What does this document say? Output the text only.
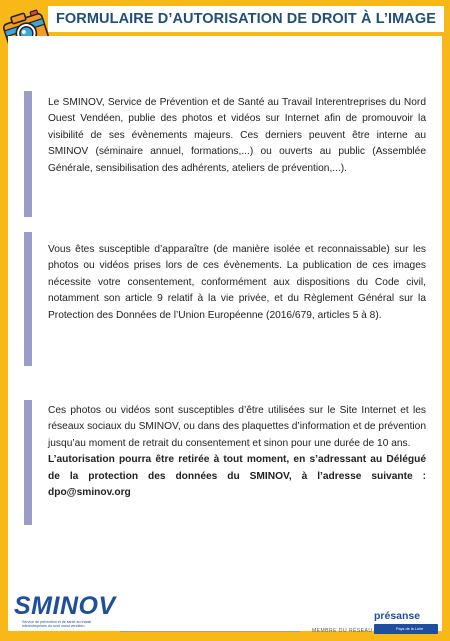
FORMULAIRE D’AUTORISATION DE DROIT À L’IMAGE

Le SMINOV, Service de Prévention et de Santé au Travail Interentreprises du Nord Ouest Vendéen, publie des photos et vidéos sur Internet afin de promouvoir la visibilité de ses évènements majeurs. Ces derniers peuvent être interne au SMINOV (séminaire annuel, formations,...) ou ouverts au public (Assemblée Générale, sensibilisation des adhérents, ateliers de prévention,...).

Vous êtes susceptible d’apparaître (de manière isolée et reconnaissable) sur les photos ou vidéos prises lors de ces évènements. La publication de ces images nécessite votre consentement, conformément aux dispositions du Code civil, notamment son article 9 relatif à la vie privée, et du Règlement Général sur la Protection des Données de l’Union Européenne (2016/679, articles 5 à 8).

Ces photos ou vidéos sont susceptibles d’être utilisées sur le Site Internet et les réseaux sociaux du SMINOV, ou dans des plaquettes d’information et de prévention jusqu’au moment de retrait du consentement et sinon pour une durée de 10 ans.

L’autorisation pourra être retirée à tout moment, en s’adressant au Délégué de la protection des données du SMINOV, à l’adresse suivante : dpo@sminov.org

SMINOV
Service de prévention et de santé au travail interentreprises du nord ouest vendéen
MEMBRE DU RÉSEAU
présanse
Pays de la Loire
